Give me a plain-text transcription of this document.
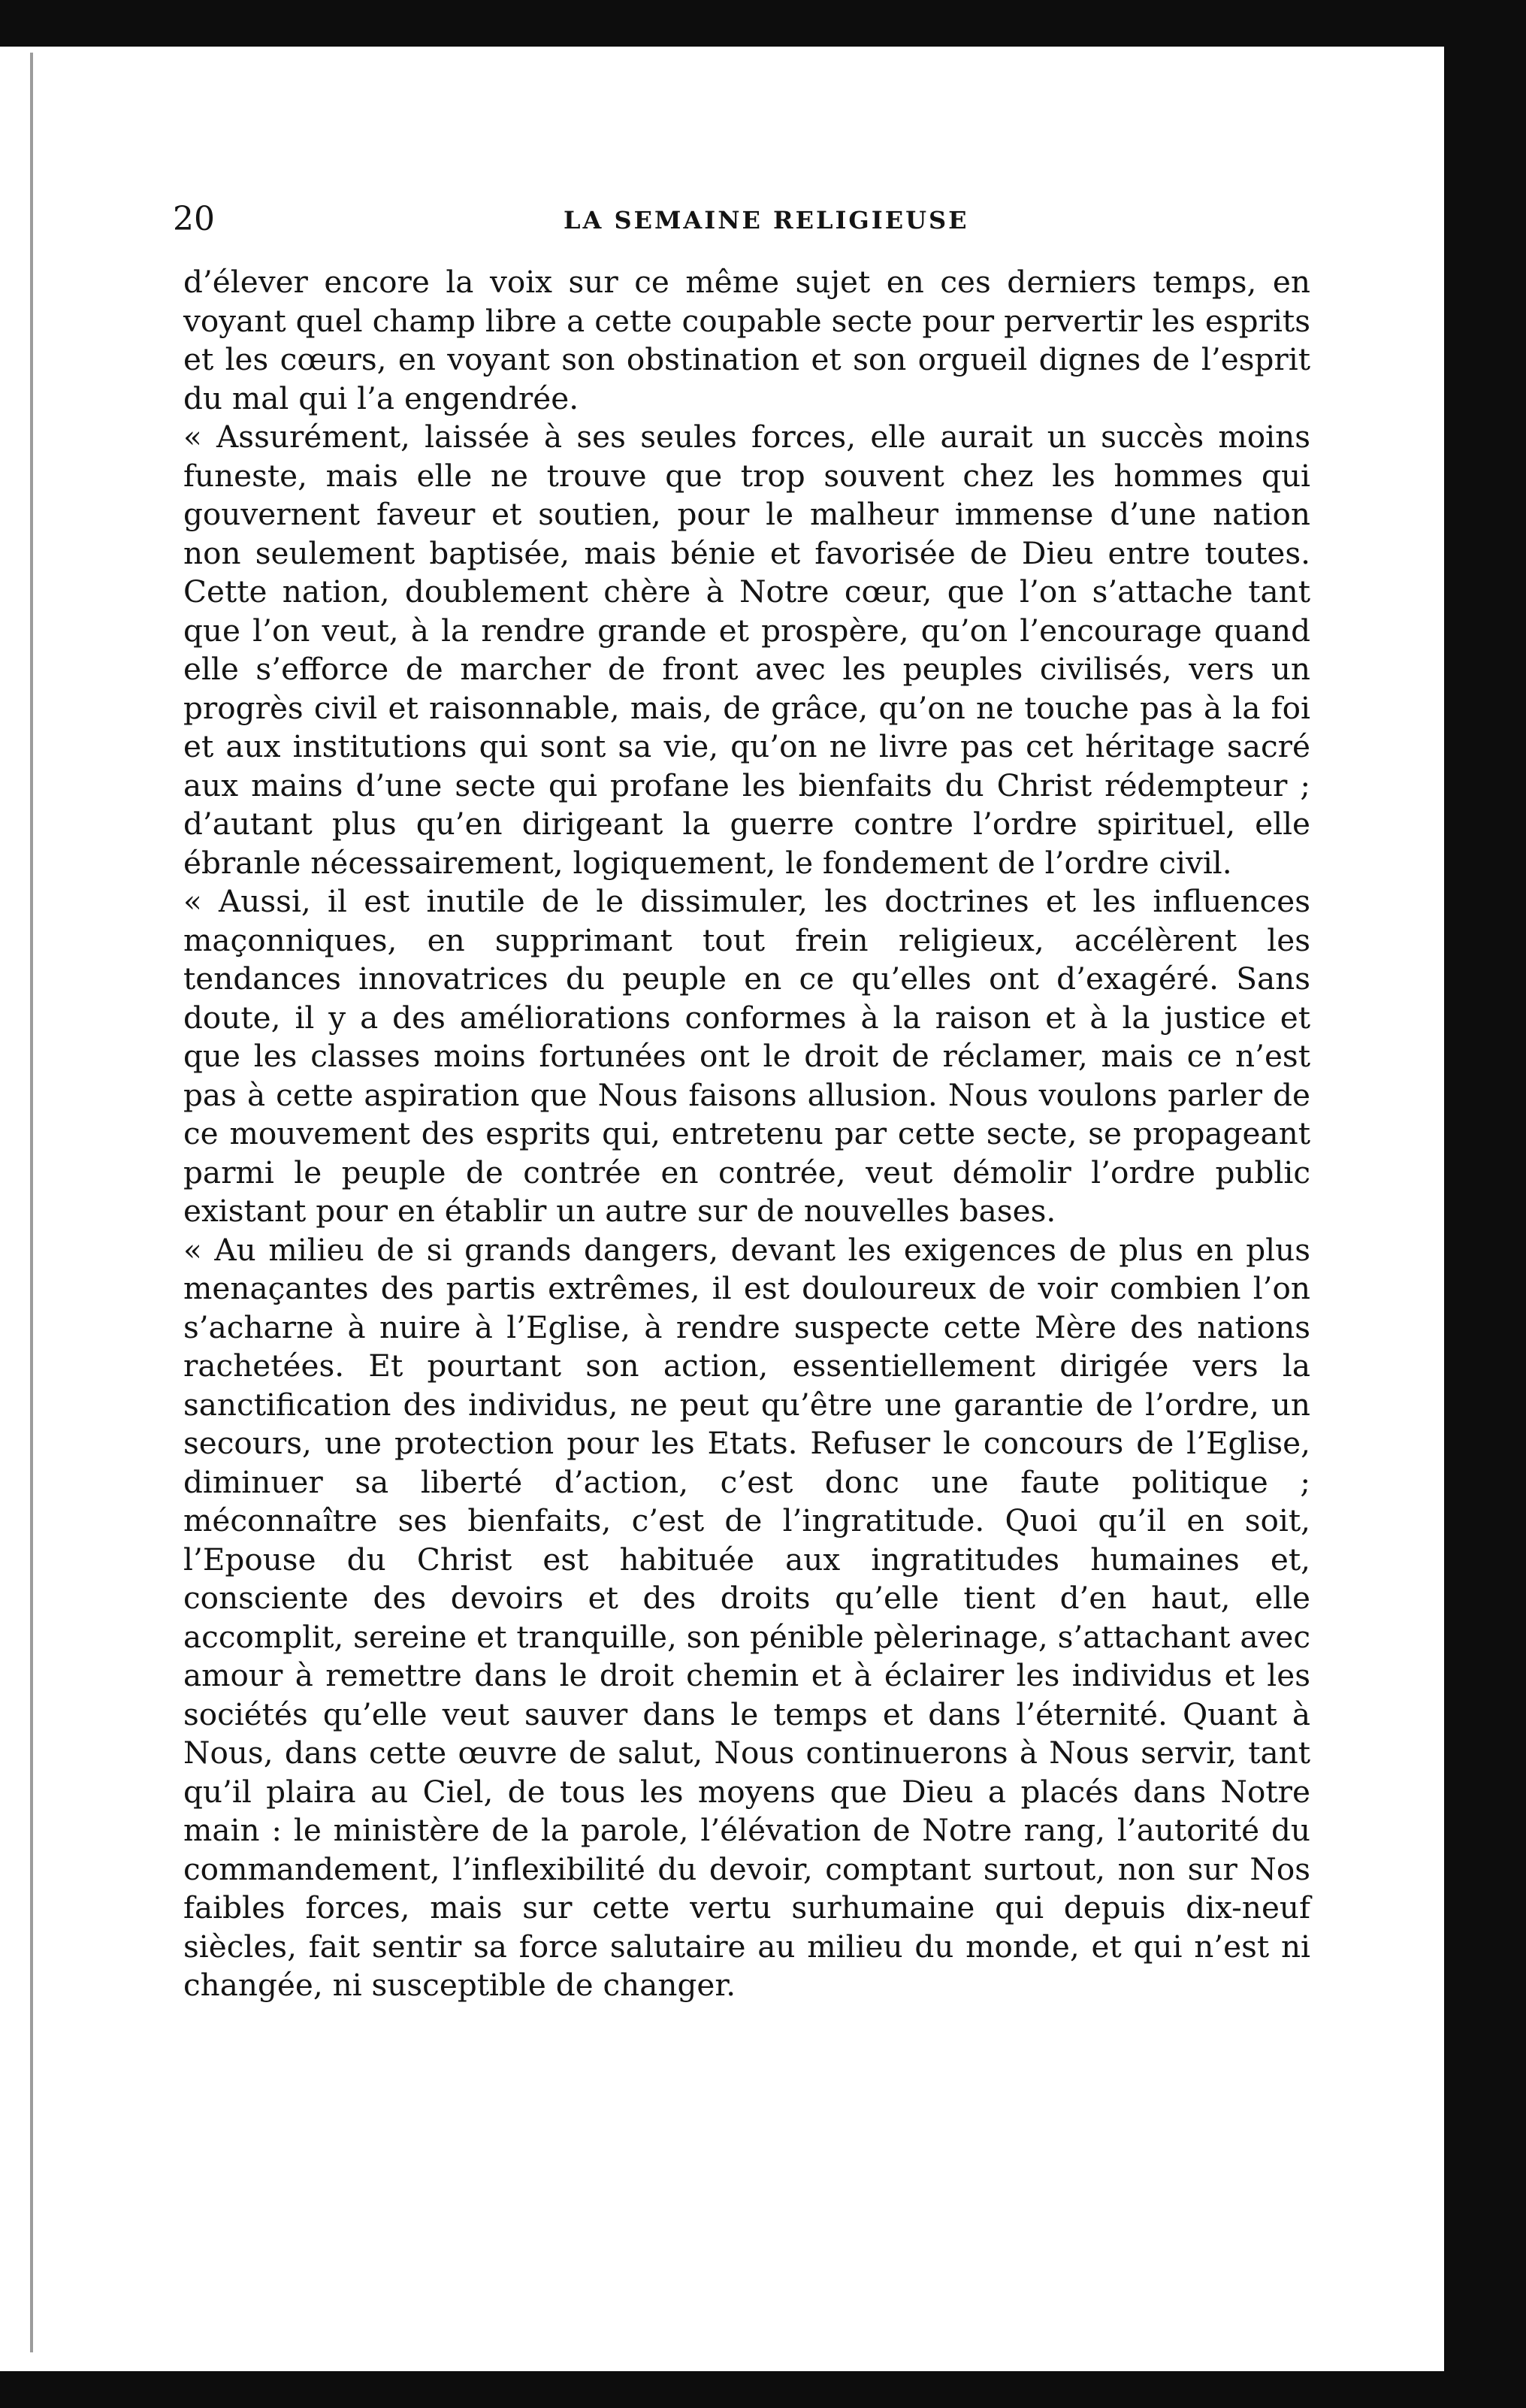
20	LA SEMAINE RELIGIEUSE

d’élever encore la voix sur ce même sujet en ces derniers temps, en voyant quel champ libre a cette coupable secte pour pervertir les esprits et les cœurs, en voyant son obstination et son orgueil dignes de l’esprit du mal qui l’a engendrée.

« Assurément, laissée à ses seules forces, elle aurait un succès moins funeste, mais elle ne trouve que trop souvent chez les hommes qui gouvernent faveur et soutien, pour le malheur immense d’une nation non seulement baptisée, mais bénie et favorisée de Dieu entre toutes. Cette nation, doublement chère à Notre cœur, que l’on s’attache tant que l’on veut, à la rendre grande et prospère, qu’on l’encourage quand elle s’efforce de marcher de front avec les peuples civilisés, vers un progrès civil et raisonnable, mais, de grâce, qu’on ne touche pas à la foi et aux institutions qui sont sa vie, qu’on ne livre pas cet héritage sacré aux mains d’une secte qui profane les bienfaits du Christ rédempteur ; d’autant plus qu’en dirigeant la guerre contre l’ordre spirituel, elle ébranle nécessairement, logiquement, le fondement de l’ordre civil.

« Aussi, il est inutile de le dissimuler, les doctrines et les influences maçonniques, en supprimant tout frein religieux, accélèrent les tendances innovatrices du peuple en ce qu’elles ont d’exagéré. Sans doute, il y a des améliorations conformes à la raison et à la justice et que les classes moins fortunées ont le droit de réclamer, mais ce n’est pas à cette aspiration que Nous faisons allusion. Nous voulons parler de ce mouvement des esprits qui, entretenu par cette secte, se propageant parmi le peuple de contrée en contrée, veut démolir l’ordre public existant pour en établir un autre sur de nouvelles bases.

« Au milieu de si grands dangers, devant les exigences de plus en plus menaçantes des partis extrêmes, il est douloureux de voir combien l’on s’acharne à nuire à l’Eglise, à rendre suspecte cette Mère des nations rachetées. Et pourtant son action, essentiellement dirigée vers la sanctification des individus, ne peut qu’être une garantie de l’ordre, un secours, une protection pour les Etats. Refuser le concours de l’Eglise, diminuer sa liberté d’action, c’est donc une faute politique ; méconnaître ses bienfaits, c’est de l’ingratitude. Quoi qu’il en soit, l’Epouse du Christ est habituée aux ingratitudes humaines et, consciente des devoirs et des droits qu’elle tient d’en haut, elle accomplit, sereine et tranquille, son pénible pèlerinage, s’attachant avec amour à remettre dans le droit chemin et à éclairer les individus et les sociétés qu’elle veut sauver dans le temps et dans l’éternité. Quant à Nous, dans cette œuvre de salut, Nous continuerons à Nous servir, tant qu’il plaira au Ciel, de tous les moyens que Dieu a placés dans Notre main : le ministère de la parole, l’élévation de Notre rang, l’autorité du commandement, l’inflexibilité du devoir, comptant surtout, non sur Nos faibles forces, mais sur cette vertu surhumaine qui depuis dix-neuf siècles, fait sentir sa force salutaire au milieu du monde, et qui n’est ni changée, ni susceptible de changer.
